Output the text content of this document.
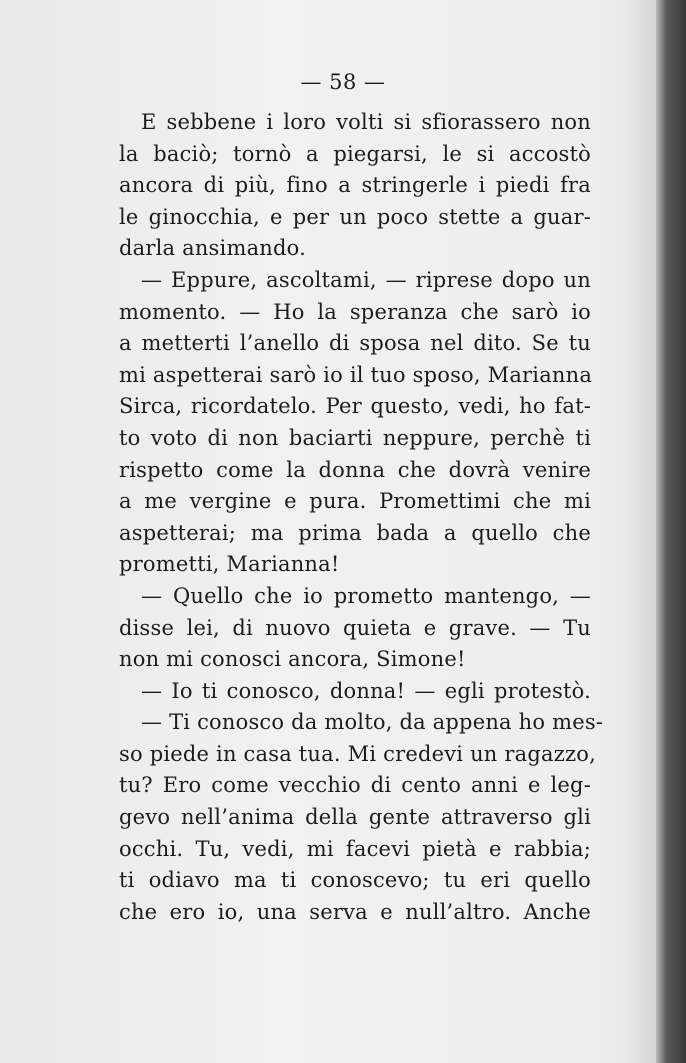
— 58 —
E sebbene i loro volti si sfiorassero non
la baciò; tornò a piegarsi, le si accostò
ancora di più, fino a stringerle i piedi fra
le ginocchia, e per un poco stette a guar-
darla ansimando.
— Eppure, ascoltami, — riprese dopo un
momento. — Ho la speranza che sarò io
a metterti l’anello di sposa nel dito. Se tu
mi aspetterai sarò io il tuo sposo, Marianna
Sirca, ricordatelo. Per questo, vedi, ho fat-
to voto di non baciarti neppure, perchè ti
rispetto come la donna che dovrà venire
a me vergine e pura. Promettimi che mi
aspetterai; ma prima bada a quello che
prometti, Marianna!
— Quello che io prometto mantengo, —
disse lei, di nuovo quieta e grave. — Tu
non mi conosci ancora, Simone!
— Io ti conosco, donna! — egli protestò.
— Ti conosco da molto, da appena ho mes-
so piede in casa tua. Mi credevi un ragazzo,
tu? Ero come vecchio di cento anni e leg-
gevo nell’anima della gente attraverso gli
occhi. Tu, vedi, mi facevi pietà e rabbia;
ti odiavo ma ti conoscevo; tu eri quello
che ero io, una serva e null’altro. Anche
